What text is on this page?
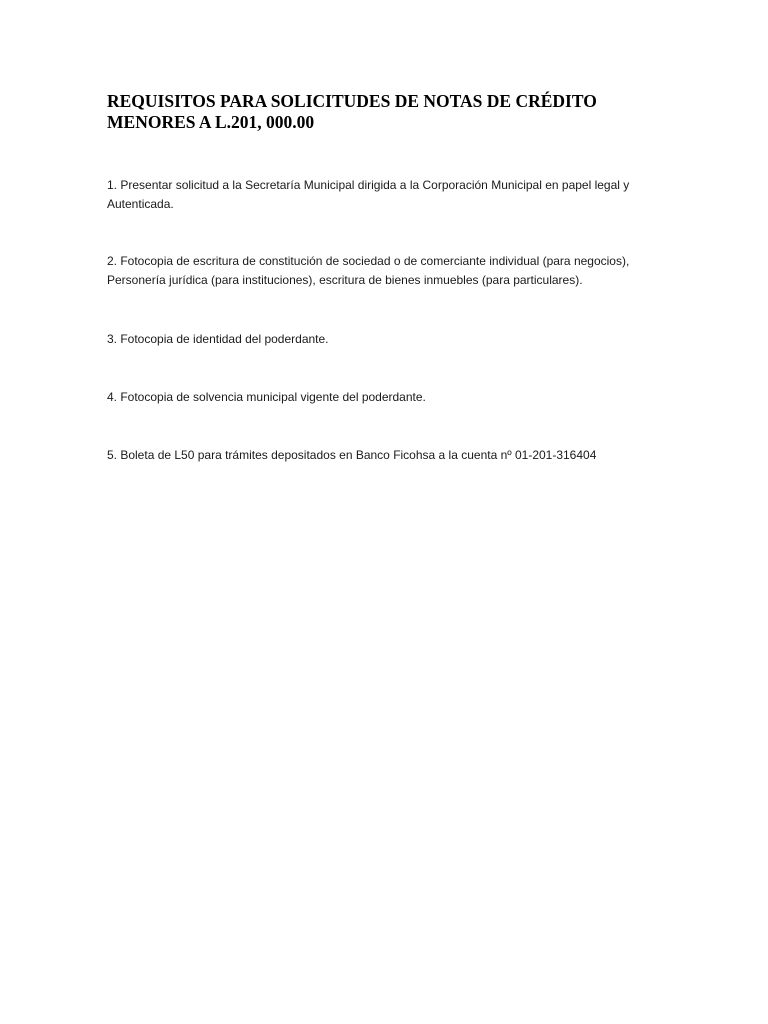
REQUISITOS PARA SOLICITUDES DE NOTAS DE CRÉDITO
MENORES A L.201, 000.00

1. Presentar solicitud a la Secretaría Municipal dirigida a la Corporación Municipal en papel legal y
Autenticada.

2. Fotocopia de escritura de constitución de sociedad o de comerciante individual (para negocios),
Personería jurídica (para instituciones), escritura de bienes inmuebles (para particulares).

3. Fotocopia de identidad del poderdante.

4. Fotocopia de solvencia municipal vigente del poderdante.

5. Boleta de L50 para trámites depositados en Banco Ficohsa a la cuenta nº 01-201-316404
